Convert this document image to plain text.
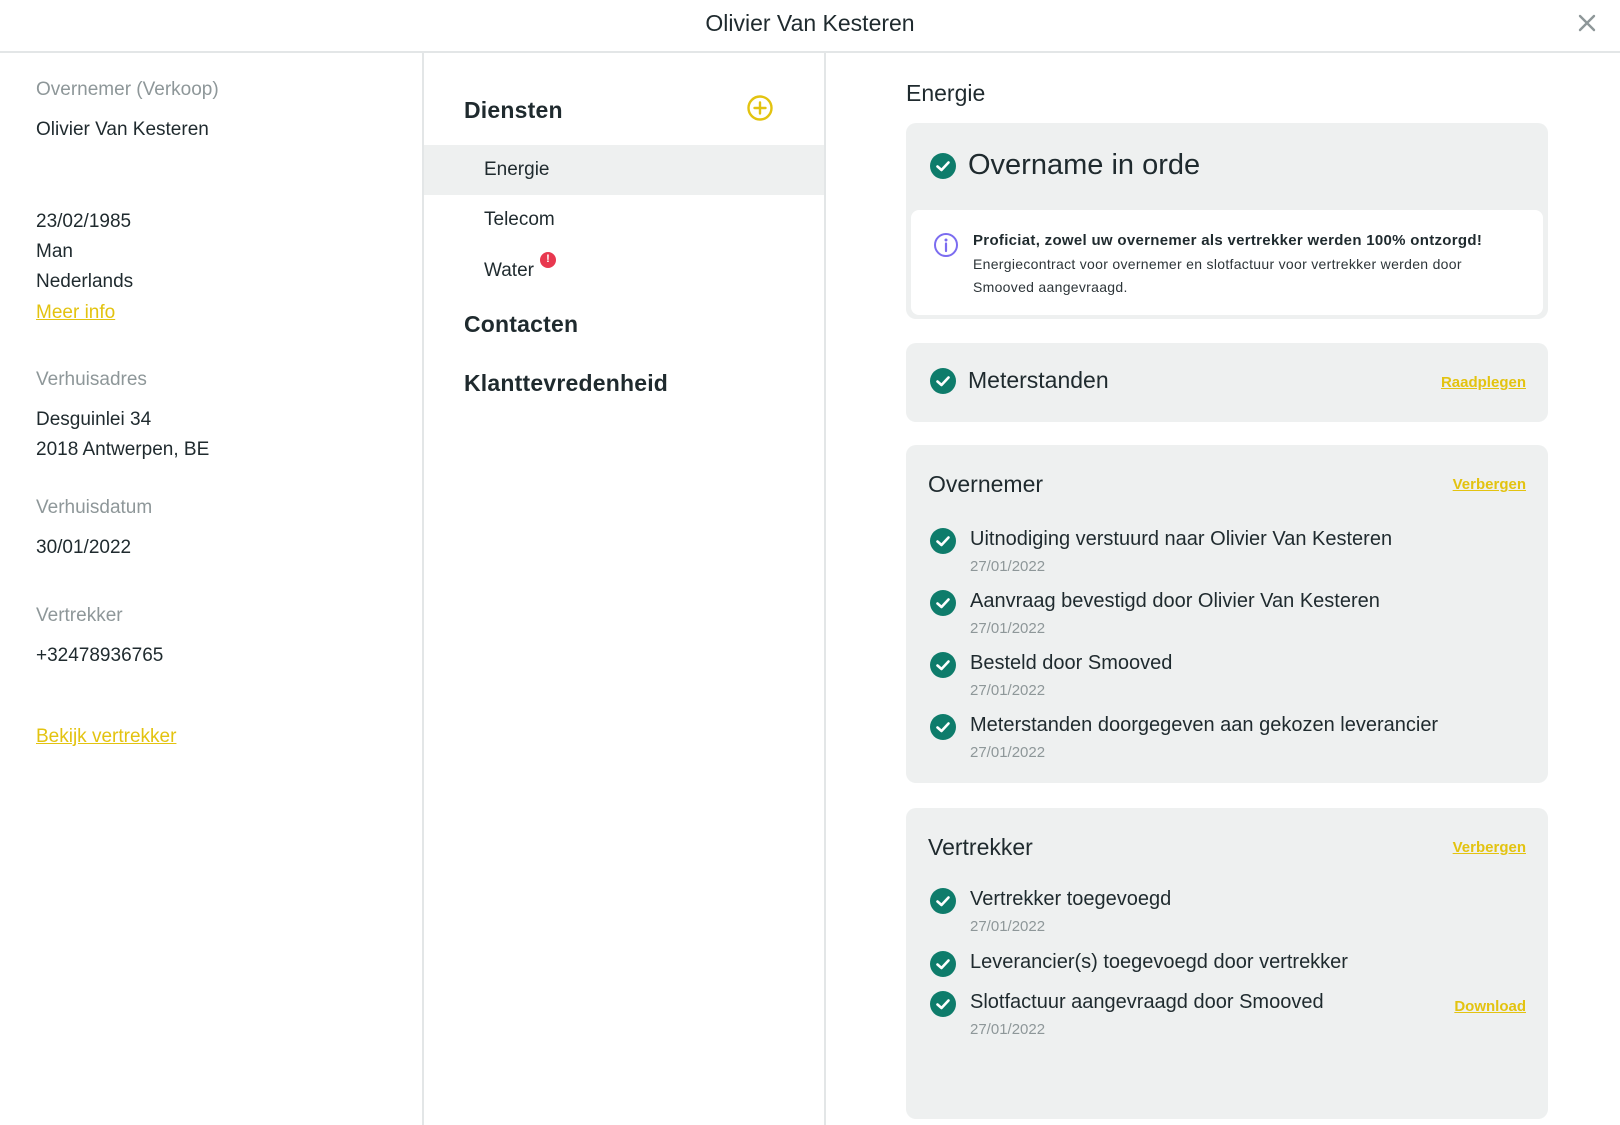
Olivier Van Kesteren
Overnemer (Verkoop)
Olivier Van Kesteren
23/02/1985
Man
Nederlands
Meer info
Verhuisadres
Desguinlei 34
2018 Antwerpen, BE
Verhuisdatum
30/01/2022
Vertrekker
+32478936765
Bekijk vertrekker
Diensten
Energie
Telecom
Water!
Contacten
Klanttevredenheid
Energie
Overname in orde
Proficiat, zowel uw overnemer als vertrekker werden 100% ontzorgd!
Energiecontract voor overnemer en slotfactuur voor vertrekker werden door Smooved aangevraagd.
Meterstanden	Raadplegen
Overnemer	Verbergen
Uitnodiging verstuurd naar Olivier Van Kesteren
27/01/2022
Aanvraag bevestigd door Olivier Van Kesteren
27/01/2022
Besteld door Smooved
27/01/2022
Meterstanden doorgegeven aan gekozen leverancier
27/01/2022
Vertrekker	Verbergen
Vertrekker toegevoegd
27/01/2022
Leverancier(s) toegevoegd door vertrekker
Slotfactuur aangevraagd door Smooved
27/01/2022
Download
